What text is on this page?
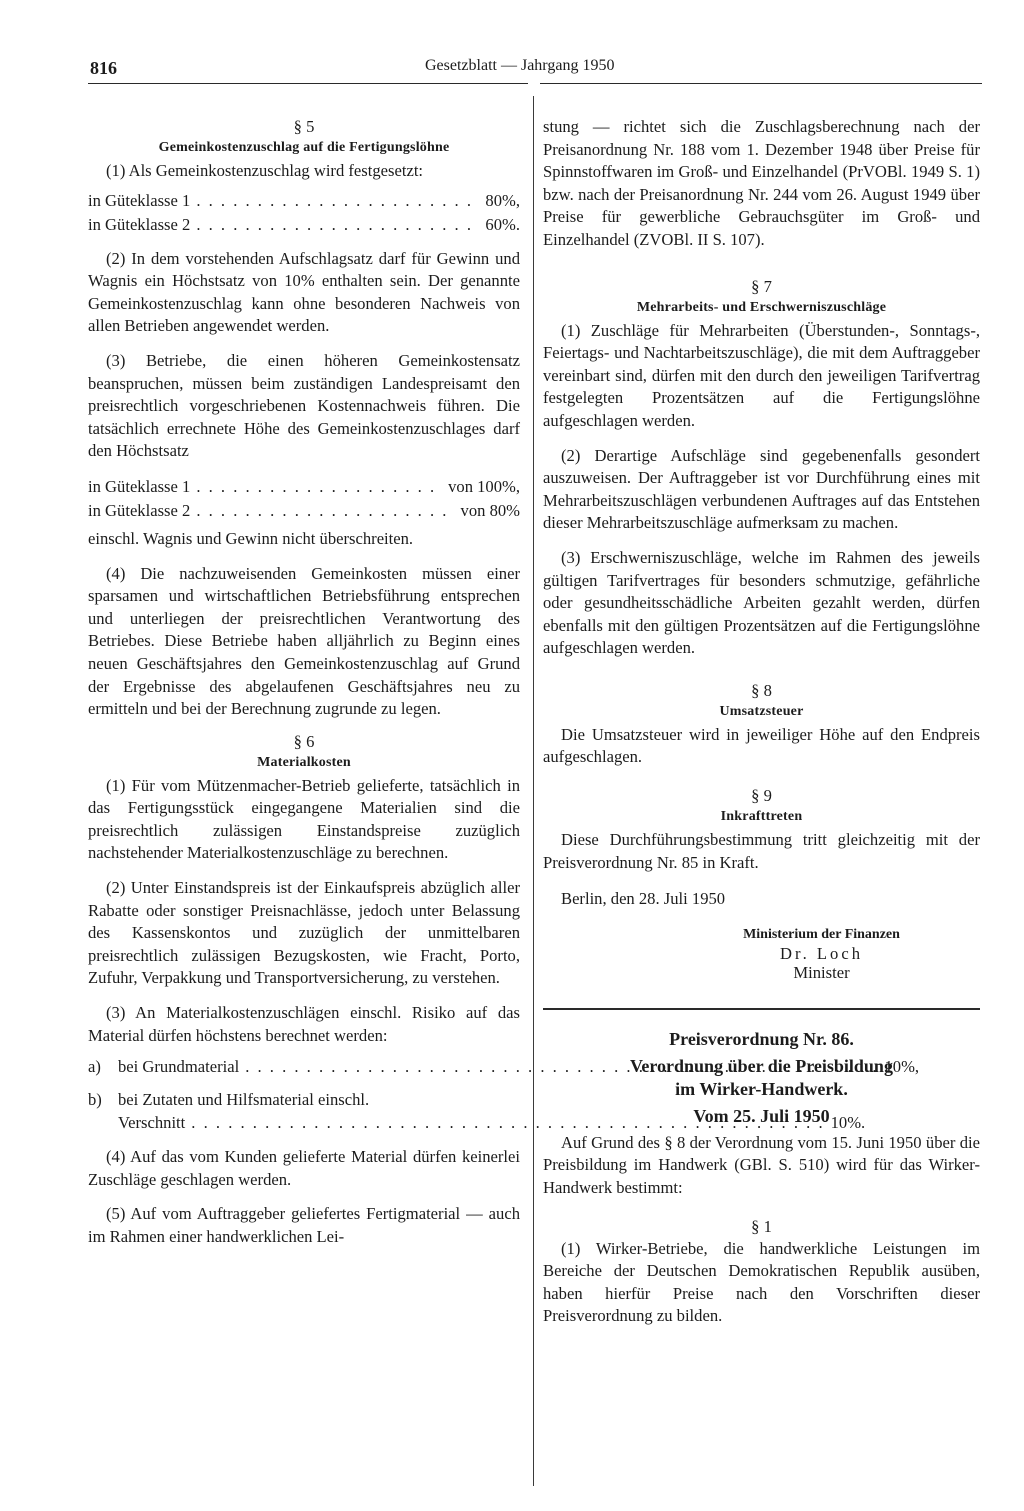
816	Gesetzblatt — Jahrgang 1950
§ 5
Gemeinkostenzuschlag auf die Fertigungslöhne

(1) Als Gemeinkostenzuschlag wird festgesetzt:

in Güteklasse 1 . . .	80%,
in Güteklasse 2 . . .	60%.

(2) In dem vorstehenden Aufschlagsatz darf für Gewinn und Wagnis ein Höchstsatz von 10% enthalten sein. Der genannte Gemeinkostenzuschlag kann ohne besonderen Nachweis von allen Betrieben angewendet werden.

(3) Betriebe, die einen höheren Gemeinkostensatz beanspruchen, müssen beim zuständigen Landespreisamt den preisrechtlich vorgeschriebenen Kostennachweis führen. Die tatsächlich errechnete Höhe des Gemeinkostenzuschlages darf den Höchstsatz

in Güteklasse 1 . . .	von 100%,
in Güteklasse 2 . . .	von 80%

einschl. Wagnis und Gewinn nicht überschreiten.

(4) Die nachzuweisenden Gemeinkosten müssen einer sparsamen und wirtschaftlichen Betriebsführung entsprechen und unterliegen der preisrechtlichen Verantwortung des Betriebes. Diese Betriebe haben alljährlich zu Beginn eines neuen Geschäftsjahres den Gemeinkostenzuschlag auf Grund der Ergebnisse des abgelaufenen Geschäftsjahres neu zu ermitteln und bei der Berechnung zugrunde zu legen.

§ 6
Materialkosten

(1) Für vom Mützenmacher-Betrieb gelieferte, tatsächlich in das Fertigungsstück eingegangene Materialien sind die preisrechtlich zulässigen Einstandspreise zuzüglich nachstehender Materialkostenzuschläge zu berechnen.

(2) Unter Einstandspreis ist der Einkaufspreis abzüglich aller Rabatte oder sonstiger Preisnachlässe, jedoch unter Belassung des Kassenskontos und zuzüglich der unmittelbaren preisrechtlich zulässigen Bezugskosten, wie Fracht, Porto, Zufuhr, Verpakkung und Transportversicherung, zu verstehen.

(3) An Materialkostenzuschlägen einschl. Risiko auf das Material dürfen höchstens berechnet werden:

a)	bei Grundmaterial . . .	10%,
b) bei Zutaten und Hilfsmaterial einschl.
Verschnitt . . .	10%.

(4) Auf das vom Kunden gelieferte Material dürfen keinerlei Zuschläge geschlagen werden.

(5) Auf vom Auftraggeber geliefertes Fertigmaterial — auch im Rahmen einer handwerklichen Lei-

stung — richtet sich die Zuschlagsberechnung nach der Preisanordnung Nr. 188 vom 1. Dezember 1948 über Preise für Spinnstoffwaren im Groß- und Einzelhandel (PrVOBl. 1949 S. 1) bzw. nach der Preisanordnung Nr. 244 vom 26. August 1949 über Preise für gewerbliche Gebrauchsgüter im Groß- und Einzelhandel (ZVOBl. II S. 107).

§ 7
Mehrarbeits- und Erschwerniszuschläge

(1) Zuschläge für Mehrarbeiten (Überstunden-, Sonntags-, Feiertags- und Nachtarbeitszuschläge), die mit dem Auftraggeber vereinbart sind, dürfen mit den durch den jeweiligen Tarifvertrag festgelegten Prozentsätzen auf die Fertigungslöhne aufgeschlagen werden.

(2) Derartige Aufschläge sind gegebenenfalls gesondert auszuweisen. Der Auftraggeber ist vor Durchführung eines mit Mehrarbeitszuschlägen verbundenen Auftrages auf das Entstehen dieser Mehrarbeitszuschläge aufmerksam zu machen.

(3) Erschwerniszuschläge, welche im Rahmen des jeweils gültigen Tarifvertrages für besonders schmutzige, gefährliche oder gesundheitsschädliche Arbeiten gezahlt werden, dürfen ebenfalls mit den gültigen Prozentsätzen auf die Fertigungslöhne aufgeschlagen werden.

§ 8
Umsatzsteuer

Die Umsatzsteuer wird in jeweiliger Höhe auf den Endpreis aufgeschlagen.

§ 9
Inkrafttreten

Diese Durchführungsbestimmung tritt gleichzeitig mit der Preisverordnung Nr. 85 in Kraft.

Berlin, den 28. Juli 1950

Ministerium der Finanzen
Dr. Loch
Minister
Preisverordnung Nr. 86.
Verordnung über die Preisbildung
im Wirker-Handwerk.
Vom 25. Juli 1950

Auf Grund des § 8 der Verordnung vom 15. Juni 1950 über die Preisbildung im Handwerk (GBl. S. 510) wird für das Wirker-Handwerk bestimmt:

§ 1

(1) Wirker-Betriebe, die handwerkliche Leistungen im Bereiche der Deutschen Demokratischen Republik ausüben, haben hierfür Preise nach den Vorschriften dieser Preisverordnung zu bilden.
